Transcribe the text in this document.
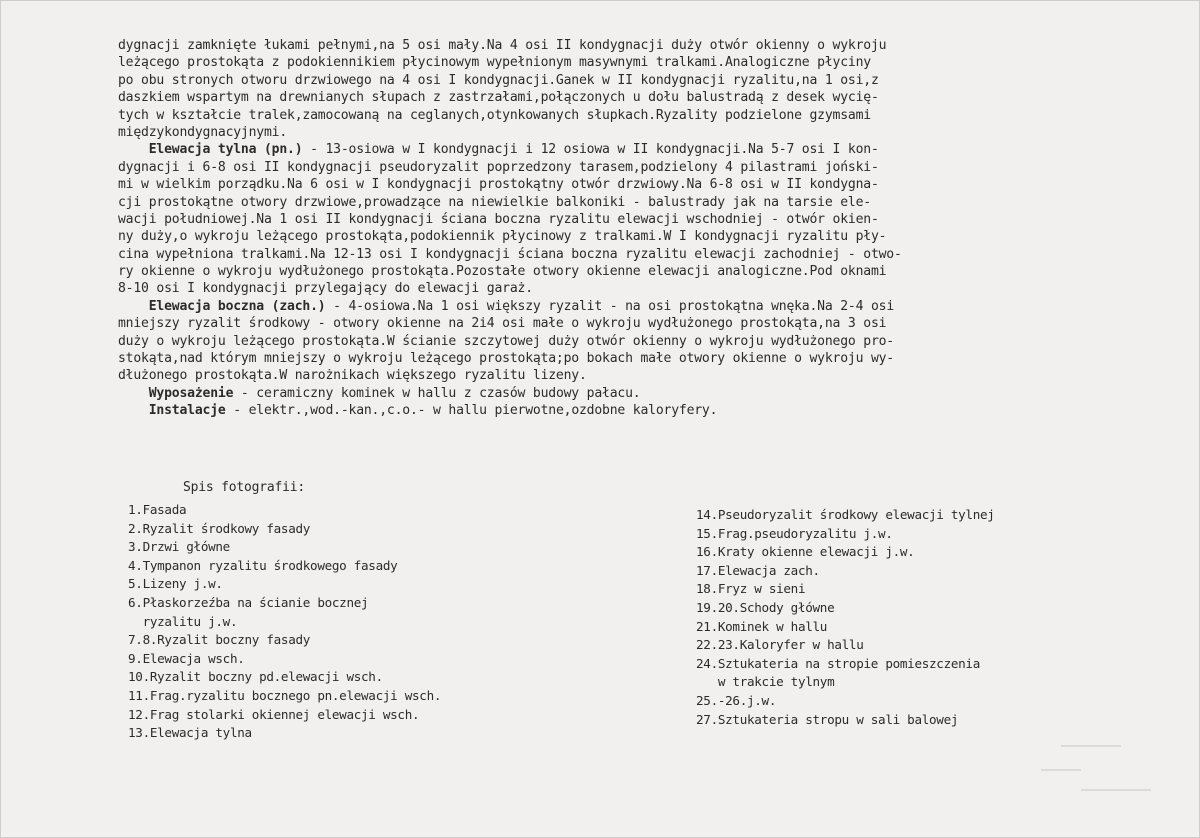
dygnacji zamknięte łukami pełnymi,na 5 osi mały.Na 4 osi II kondygnacji duży otwór okienny o wykroju
leżącego prostokąta z podokiennikiem płycinowym wypełnionym masywnymi tralkami.Analogiczne płyciny
po obu stronych otworu drzwiowego na 4 osi I kondygnacji.Ganek w II kondygnacji ryzalitu,na 1 osi,z
daszkiem wspartym na drewnianych słupach z zastrzałami,połączonych u dołu balustradą z desek wycię-
tych w kształcie tralek,zamocowaną na ceglanych,otynkowanych słupkach.Ryzality podzielone gzymsami
międzykondygnacyjnymi.
Elewacja tylna (pn.) - 13-osiowa w I kondygnacji i 12 osiowa w II kondygnacji.Na 5-7 osi I kon-
dygnacji i 6-8 osi II kondygnacji pseudoryzalit poprzedzony tarasem,podzielony 4 pilastrami joński-
mi w wielkim porządku.Na 6 osi w I kondygnacji prostokątny otwór drzwiowy.Na 6-8 osi w II kondygna-
cji prostokątne otwory drzwiowe,prowadzące na niewielkie balkoniki - balustrady jak na tarsie ele-
wacji południowej.Na 1 osi II kondygnacji ściana boczna ryzalitu elewacji wschodniej - otwór okien-
ny duży,o wykroju leżącego prostokąta,podokiennik płycinowy z tralkami.W I kondygnacji ryzalitu pły-
cina wypełniona tralkami.Na 12-13 osi I kondygnacji ściana boczna ryzalitu elewacji zachodniej - otwo-
ry okienne o wykroju wydłużonego prostokąta.Pozostałe otwory okienne elewacji analogiczne.Pod oknami
8-10 osi I kondygnacji przylegający do elewacji garaż.
Elewacja boczna (zach.) - 4-osiowa.Na 1 osi większy ryzalit - na osi prostokątna wnęka.Na 2-4 osi
mniejszy ryzalit środkowy - otwory okienne na 2i4 osi małe o wykroju wydłużonego prostokąta,na 3 osi
duży o wykroju leżącego prostokąta.W ścianie szczytowej duży otwór okienny o wykroju wydłużonego pro-
stokąta,nad którym mniejszy o wykroju leżącego prostokąta;po bokach małe otwory okienne o wykroju wy-
dłużonego prostokąta.W narożnikach większego ryzalitu lizeny.
Wyposażenie - ceramiczny kominek w hallu z czasów budowy pałacu.
Instalacje - elektr.,wod.-kan.,c.o.- w hallu pierwotne,ozdobne kaloryfery.
Spis fotografii:
1.Fasada
2.Ryzalit środkowy fasady
3.Drzwi główne
4.Tympanon ryzalitu środkowego fasady
5.Lizeny j.w.
6.Płaskorzeźba na ścianie bocznej
ryzalitu j.w.
7.8.Ryzalit boczny fasady
9.Elewacja wsch.
10.Ryzalit boczny pd.elewacji wsch.
11.Frag.ryzalitu bocznego pn.elewacji wsch.
12.Frag stolarki okiennej elewacji wsch.
13.Elewacja tylna
14.Pseudoryzalit środkowy elewacji tylnej
15.Frag.pseudoryzalitu j.w.
16.Kraty okienne elewacji j.w.
17.Elewacja zach.
18.Fryz w sieni
19.20.Schody główne
21.Kominek w hallu
22.23.Kaloryfer w hallu
24.Sztukateria na stropie pomieszczenia
w trakcie tylnym
25.-26.j.w.
27.Sztukateria stropu w sali balowej
